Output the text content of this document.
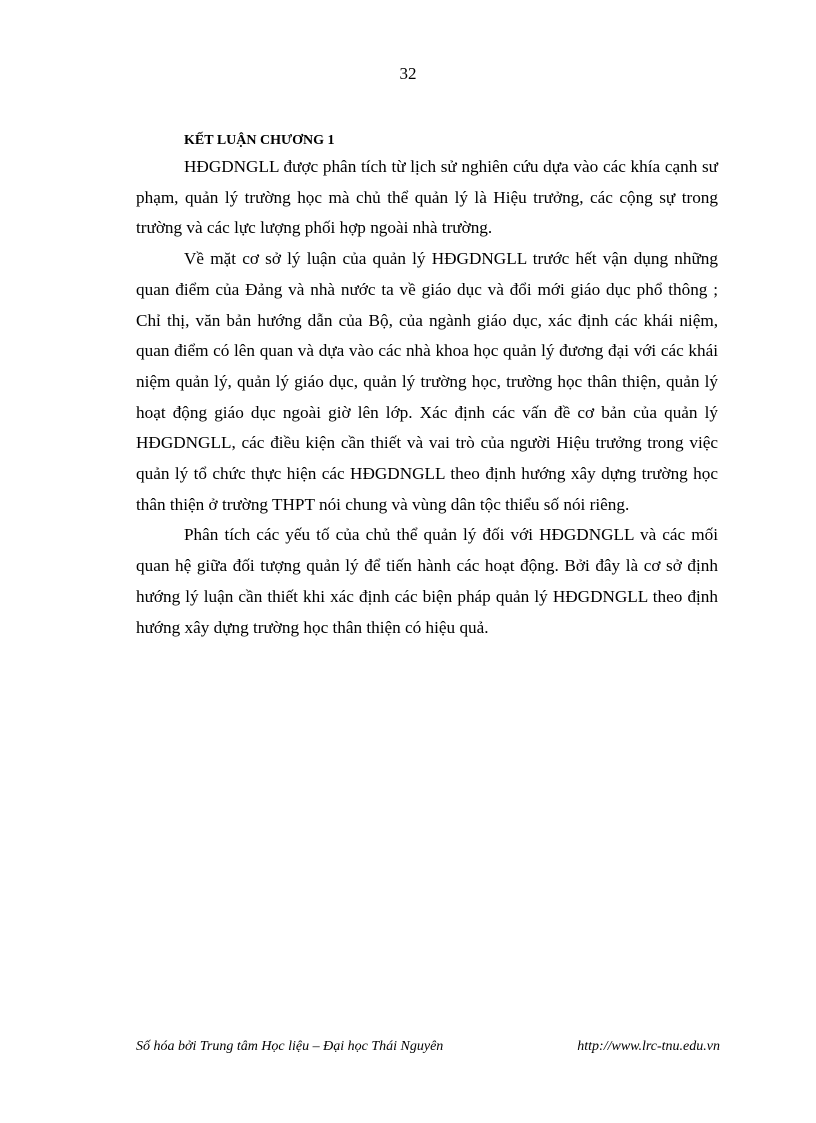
32
KẾT LUẬN CHƯƠNG 1

HĐGDNGLL được phân tích từ lịch sử nghiên cứu dựa vào các khía cạnh sư phạm, quản lý trường học mà chủ thể quản lý là Hiệu trưởng, các cộng sự trong trường và các lực lượng phối hợp ngoài nhà trường.

Về mặt cơ sở lý luận của quản lý HĐGDNGLL trước hết vận dụng những quan điểm của Đảng và nhà nước ta về giáo dục và đổi mới giáo dục phổ thông ; Chỉ thị, văn bản hướng dẫn của Bộ, của ngành giáo dục, xác định các khái niệm, quan điểm có lên quan và dựa vào các nhà khoa học quản lý đương đại với các khái niệm quản lý, quản lý giáo dục, quản lý trường học, trường học thân thiện, quản lý hoạt động giáo dục ngoài giờ lên lớp. Xác định các vấn đề cơ bản của quản lý HĐGDNGLL, các điều kiện cần thiết và vai trò của người Hiệu trưởng trong việc quản lý tổ chức thực hiện các HĐGDNGLL theo định hướng xây dựng trường học thân thiện ở trường THPT nói chung và vùng dân tộc thiểu số nói riêng.

Phân tích các yếu tố của chủ thể quản lý đối với HĐGDNGLL và các mối quan hệ giữa đối tượng quản lý để tiến hành các hoạt động. Bởi đây là cơ sở định hướng lý luận cần thiết khi xác định các biện pháp quản lý HĐGDNGLL theo định hướng xây dựng trường học thân thiện có hiệu quả.

Số hóa bởi Trung tâm Học liệu – Đại học Thái Nguyên	http://www.lrc-tnu.edu.vn
